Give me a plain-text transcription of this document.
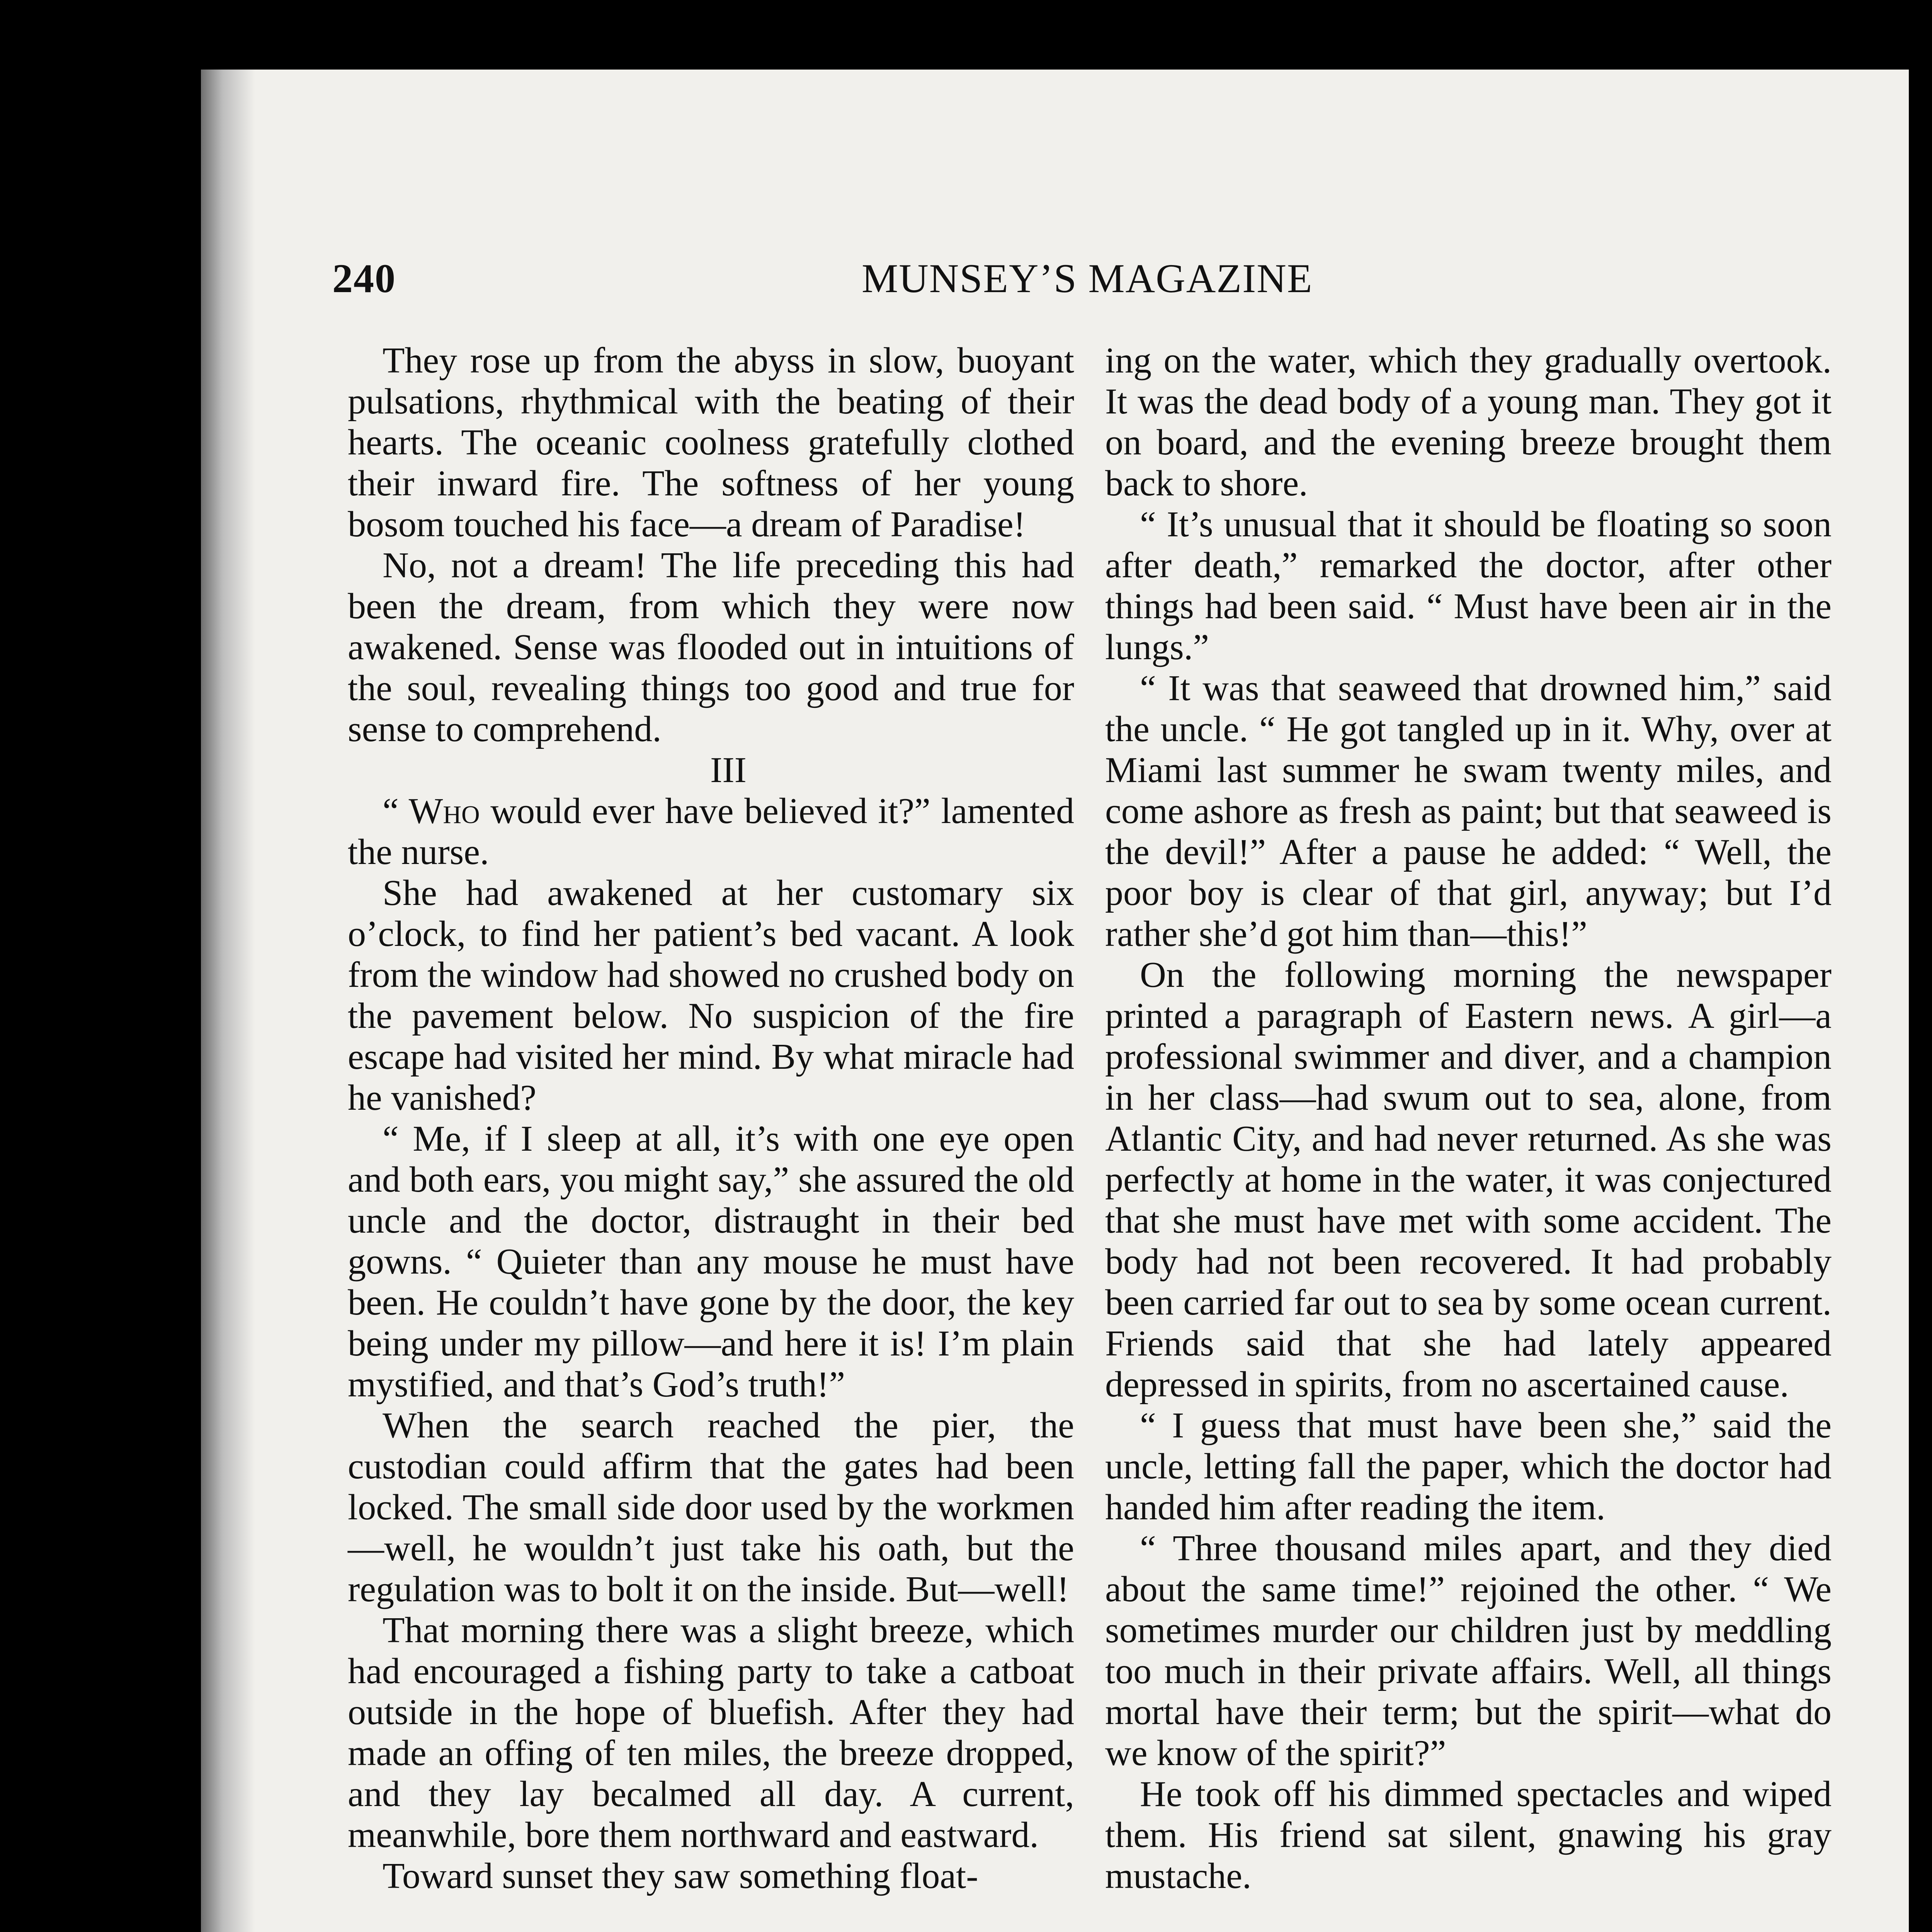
240	MUNSEY’S MAGAZINE

They rose up from the abyss in slow, buoyant pulsations, rhythmical with the beating of their hearts. The oceanic coolness gratefully clothed their inward fire. The softness of her young bosom touched his face—a dream of Paradise!

No, not a dream! The life preceding this had been the dream, from which they were now awakened. Sense was flooded out in intuitions of the soul, revealing things too good and true for sense to comprehend.

III

“ Who would ever have believed it?” lamented the nurse.

She had awakened at her customary six o’clock, to find her patient’s bed vacant. A look from the window had showed no crushed body on the pavement below. No suspicion of the fire escape had visited her mind. By what miracle had he vanished?

“ Me, if I sleep at all, it’s with one eye open and both ears, you might say,” she assured the old uncle and the doctor, distraught in their bed gowns. “ Quieter than any mouse he must have been. He couldn’t have gone by the door, the key being under my pillow—and here it is! I’m plain mystified, and that’s God’s truth!”

When the search reached the pier, the custodian could affirm that the gates had been locked. The small side door used by the workmen—well, he wouldn’t just take his oath, but the regulation was to bolt it on the inside. But—well!

That morning there was a slight breeze, which had encouraged a fishing party to take a catboat outside in the hope of bluefish. After they had made an offing of ten miles, the breeze dropped, and they lay becalmed all day. A current, meanwhile, bore them northward and eastward.

Toward sunset they saw something float-

ing on the water, which they gradually overtook. It was the dead body of a young man. They got it on board, and the evening breeze brought them back to shore.

“ It’s unusual that it should be floating so soon after death,” remarked the doctor, after other things had been said. “ Must have been air in the lungs.”

“ It was that seaweed that drowned him,” said the uncle. “ He got tangled up in it. Why, over at Miami last summer he swam twenty miles, and come ashore as fresh as paint; but that seaweed is the devil!” After a pause he added: “ Well, the poor boy is clear of that girl, anyway; but I’d rather she’d got him than—this!”

On the following morning the newspaper printed a paragraph of Eastern news. A girl—a professional swimmer and diver, and a champion in her class—had swum out to sea, alone, from Atlantic City, and had never returned. As she was perfectly at home in the water, it was conjectured that she must have met with some accident. The body had not been recovered. It had probably been carried far out to sea by some ocean current. Friends said that she had lately appeared depressed in spirits, from no ascertained cause.

“ I guess that must have been she,” said the uncle, letting fall the paper, which the doctor had handed him after reading the item.

“ Three thousand miles apart, and they died about the same time!” rejoined the other. “ We sometimes murder our children just by meddling too much in their private affairs. Well, all things mortal have their term; but the spirit—what do we know of the spirit?”

He took off his dimmed spectacles and wiped them. His friend sat silent, gnawing his gray mustache.
